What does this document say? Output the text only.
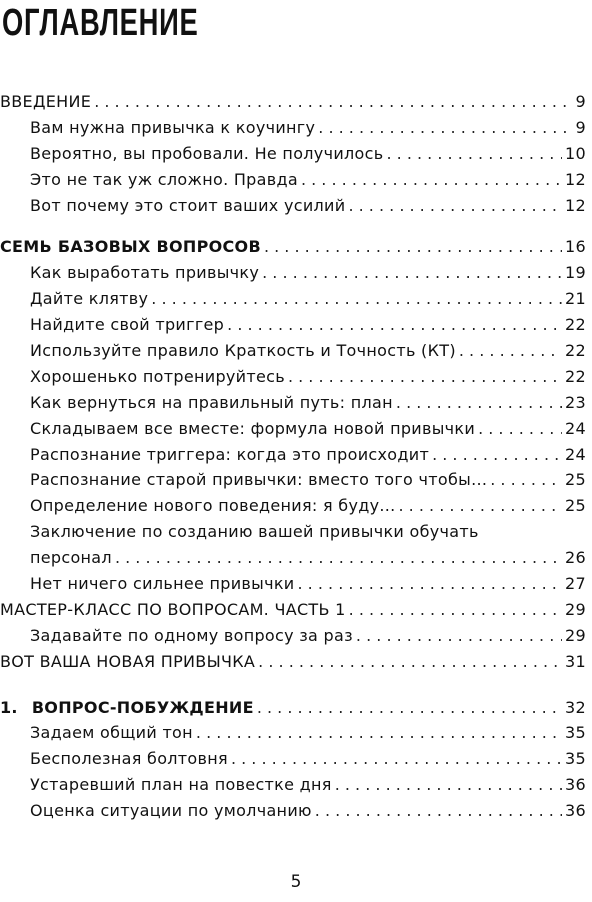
ОГЛАВЛЕНИЕ
ВВЕДЕНИЕ . . .	9
Вам нужна привычка к коучингу . . .	9
Вероятно, вы пробовали. Не получилось . . .	10
Это не так уж сложно. Правда . . .	12
Вот почему это стоит ваших усилий . . .	12
СЕМЬ БАЗОВЫХ ВОПРОСОВ . . .	16
Как выработать привычку . . .	19
Дайте клятву . . .	21
Найдите свой триггер . . .	22
Используйте правило Краткость и Точность (КТ) . . .	22
Хорошенько потренируйтесь . . .	22
Как вернуться на правильный путь: план . . .	23
Складываем все вместе: формула новой привычки . . .	24
Распознание триггера: когда это происходит . . .	24
Распознание старой привычки: вместо того чтобы... . . .	25
Определение нового поведения: я буду... . . .	25
Заключение по созданию вашей привычки обучать
персонал . . .	26
Нет ничего сильнее привычки . . .	27
МАСТЕР-КЛАСС ПО ВОПРОСАМ. ЧАСТЬ 1 . . .	29
Задавайте по одному вопросу за раз . . .	29
ВОТ ВАША НОВАЯ ПРИВЫЧКА . . .	31
1. ВОПРОС-ПОБУЖДЕНИЕ . . .	32
Задаем общий тон . . .	35
Бесполезная болтовня . . .	35
Устаревший план на повестке дня . . .	36
Оценка ситуации по умолчанию . . .	36
5
